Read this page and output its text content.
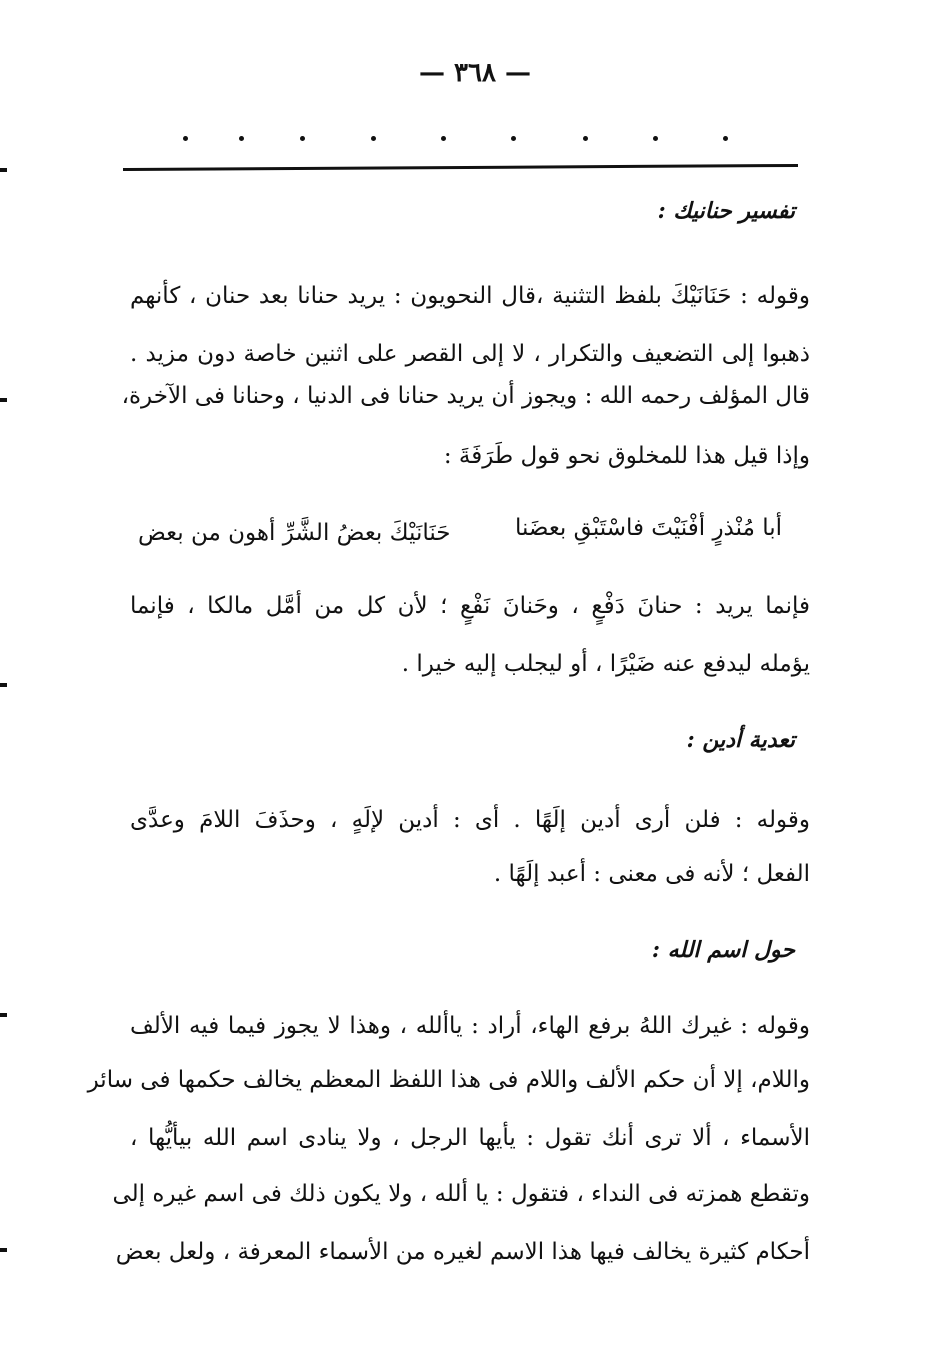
— ٣٦٨ —
تفسير حنانيك :
وقوله : حَنَانَيْكَ بلفظ التثنية ،قال النحويون : يريد حنانا بعد حنان ، كأنهم
ذهبوا إلى التضعيف والتكرار ، لا إلى القصر على اثنين خاصة دون مزيد .
قال المؤلف رحمه الله : ويجوز أن يريد حنانا فى الدنيا ، وحنانا فى الآخرة،
وإذا قيل هذا للمخلوق نحو قول طَرَفَةَ :
أبا مُنْذرٍ أفْنَيْتَ فاسْتَبْقِ بعضَنا
حَنَانَيْكَ بعضُ الشَّرِّ أهون من بعض
فإنما يريد : حنانَ دَفْعٍ ، وحَنانَ نَفْعٍ ؛ لأن كل من أمَّل مالكا ، فإنما
يؤمله ليدفع عنه ضَيْرًا ، أو ليجلب إليه خيرا .
تعدية أدين :
وقوله : فلن أرى أدين إلَهًا . أى : أدين لإلَهٍ ، وحذَفَ اللامَ وعدَّى
الفعل ؛ لأنه فى معنى : أعبد إلَهًا .
حول اسم الله :
وقوله : غيرك اللهُ برفع الهاء، أراد : ياألله ، وهذا لا يجوز فيما فيه الألف
واللام، إلا أن حكم الألف واللام فى هذا اللفظ المعظم يخالف حكمها فى سائر
الأسماء ، ألا ترى أنك تقول : يأيها الرجل ، ولا ينادى اسم الله بيأيُّها ،
وتقطع همزته فى النداء ، فتقول : يا ألله ، ولا يكون ذلك فى اسم غيره إلى
أحكام كثيرة يخالف فيها هذا الاسم لغيره من الأسماء المعرفة ، ولعل بعض
